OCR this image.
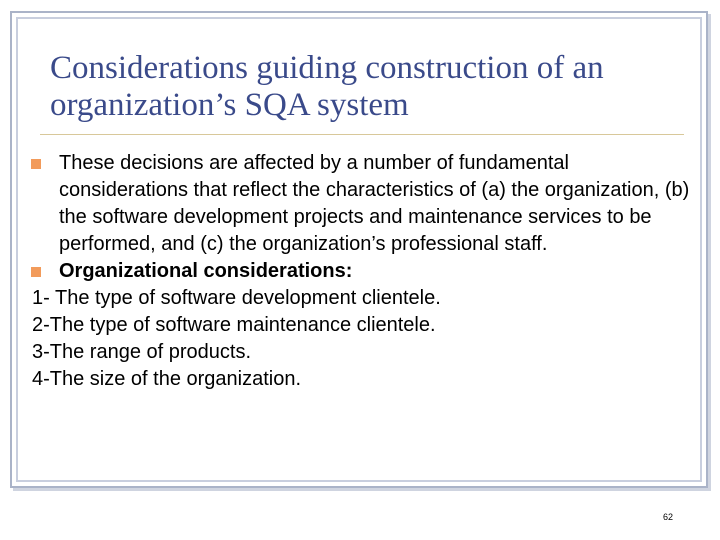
Considerations guiding construction of an
organization’s SQA system

These decisions are affected by a number of fundamental considerations that reflect the characteristics of (a) the organization, (b) the software development projects and maintenance services to be performed, and (c) the organization’s professional staff.

Organizational considerations:

1- The type of software development clientele.

2-The type of software maintenance clientele.

3-The range of products.

4-The size of the organization.

62
